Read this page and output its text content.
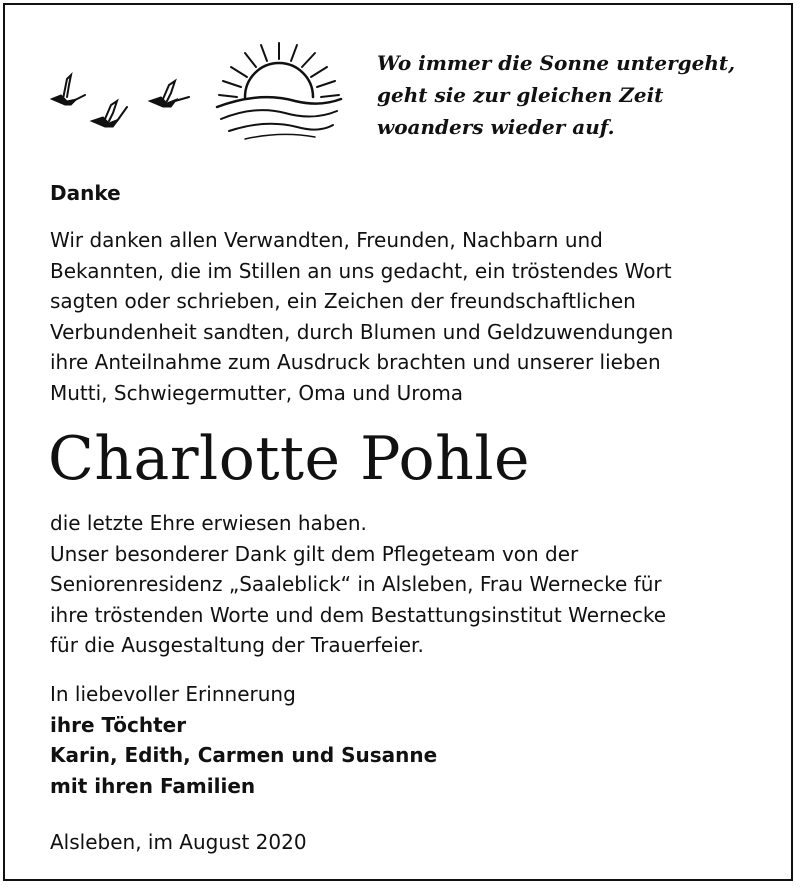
Wo immer die Sonne untergeht,
geht sie zur gleichen Zeit
woanders wieder auf.
Danke
Wir danken allen Verwandten, Freunden, Nachbarn und
Bekannten, die im Stillen an uns gedacht, ein tröstendes Wort
sagten oder schrieben, ein Zeichen der freundschaftlichen
Verbundenheit sandten, durch Blumen und Geldzuwendungen
ihre Anteilnahme zum Ausdruck brachten und unserer lieben
Mutti, Schwiegermutter, Oma und Uroma
Charlotte Pohle
die letzte Ehre erwiesen haben.
Unser besonderer Dank gilt dem Pflegeteam von der
Seniorenresidenz „Saaleblick“ in Alsleben, Frau Wernecke für
ihre tröstenden Worte und dem Bestattungsinstitut Wernecke
für die Ausgestaltung der Trauerfeier.
In liebevoller Erinnerung
ihre Töchter
Karin, Edith, Carmen und Susanne
mit ihren Familien
Alsleben, im August 2020
